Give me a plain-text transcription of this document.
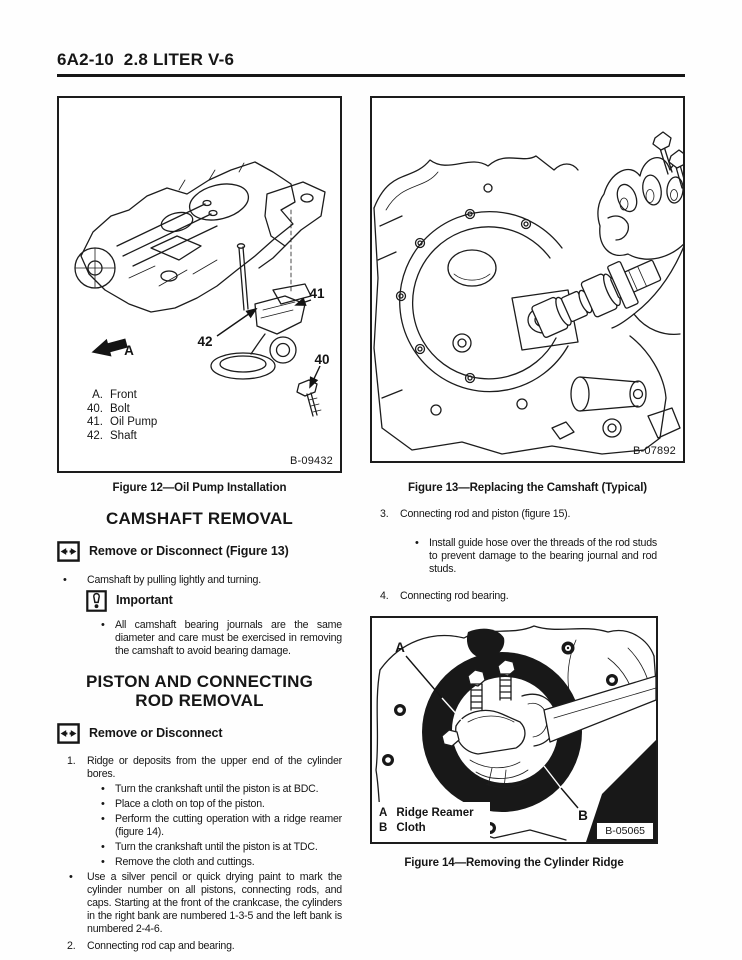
6A2-10  2.8 LITER V-6
42
41
40
A
A. Front
40. Bolt
41. Oil Pump
42. Shaft
B-09432
Figure 12—Oil Pump Installation
CAMSHAFT REMOVAL
Remove or Disconnect (Figure 13)
• Camshaft by pulling lightly and turning.
Important
• All camshaft bearing journals are the same diameter and care must be exercised in removing the camshaft to avoid bearing damage.
PISTON AND CONNECTING
ROD REMOVAL
Remove or Disconnect
1.	Ridge or deposits from the upper end of the cylinder bores.
• Turn the crankshaft until the piston is at BDC.
• Place a cloth on top of the piston.
• Perform the cutting operation with a ridge reamer (figure 14).
• Turn the crankshaft until the piston is at TDC.
• Remove the cloth and cuttings.
• Use a silver pencil or quick drying paint to mark the cylinder number on all pistons, connecting rods, and caps. Starting at the front of the crankcase, the cylinders in the right bank are numbered 1-3-5 and the left bank is numbered 2-4-6.
2.	Connecting rod cap and bearing.
B-07892
Figure 13—Replacing the Camshaft (Typical)
3.	Connecting rod and piston (figure 15).
• Install guide hose over the threads of the rod studs to prevent damage to the bearing journal and rod studs.
4.	Connecting rod bearing.
A
B
A Ridge Reamer
B Cloth	B-05065
Figure 14—Removing the Cylinder Ridge
